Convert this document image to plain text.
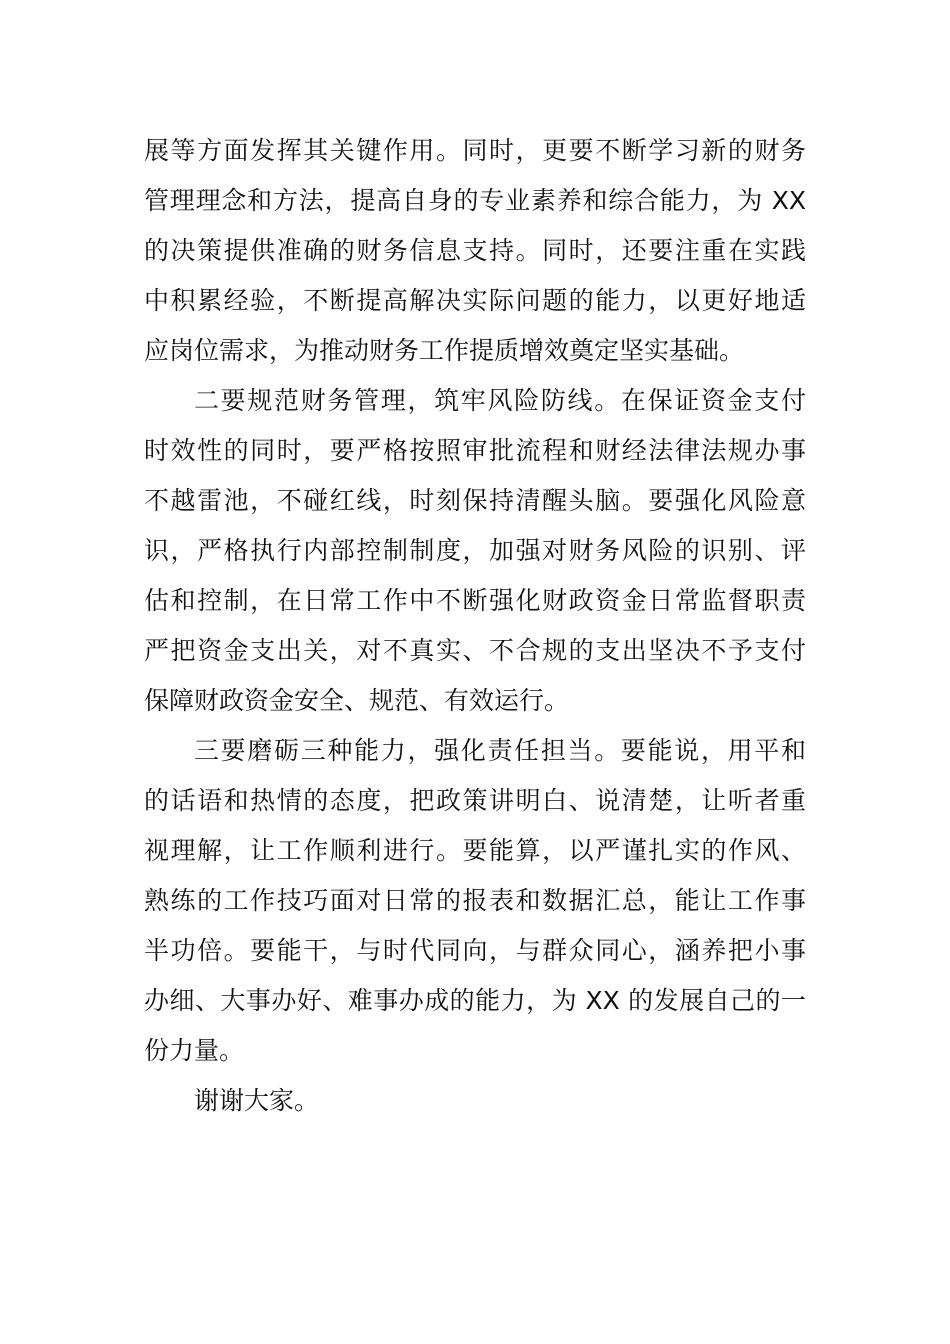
展等方面发挥其关键作用。同时，更要不断学习新的财务
管理理念和方法，提高自身的专业素养和综合能力，为 XX
的决策提供准确的财务信息支持。同时，还要注重在实践
中积累经验，不断提高解决实际问题的能力，以更好地适
应岗位需求，为推动财务工作提质增效奠定坚实基础。
二要规范财务管理，筑牢风险防线。在保证资金支付
时效性的同时，要严格按照审批流程和财经法律法规办事
不越雷池，不碰红线，时刻保持清醒头脑。要强化风险意
识，严格执行内部控制制度，加强对财务风险的识别、评
估和控制，在日常工作中不断强化财政资金日常监督职责
严把资金支出关，对不真实、不合规的支出坚决不予支付
保障财政资金安全、规范、有效运行。
三要磨砺三种能力，强化责任担当。要能说，用平和
的话语和热情的态度，把政策讲明白、说清楚，让听者重
视理解，让工作顺利进行。要能算，以严谨扎实的作风、
熟练的工作技巧面对日常的报表和数据汇总，能让工作事
半功倍。要能干，与时代同向，与群众同心，涵养把小事
办细、大事办好、难事办成的能力，为 XX 的发展自己的一
份力量。
谢谢大家。
